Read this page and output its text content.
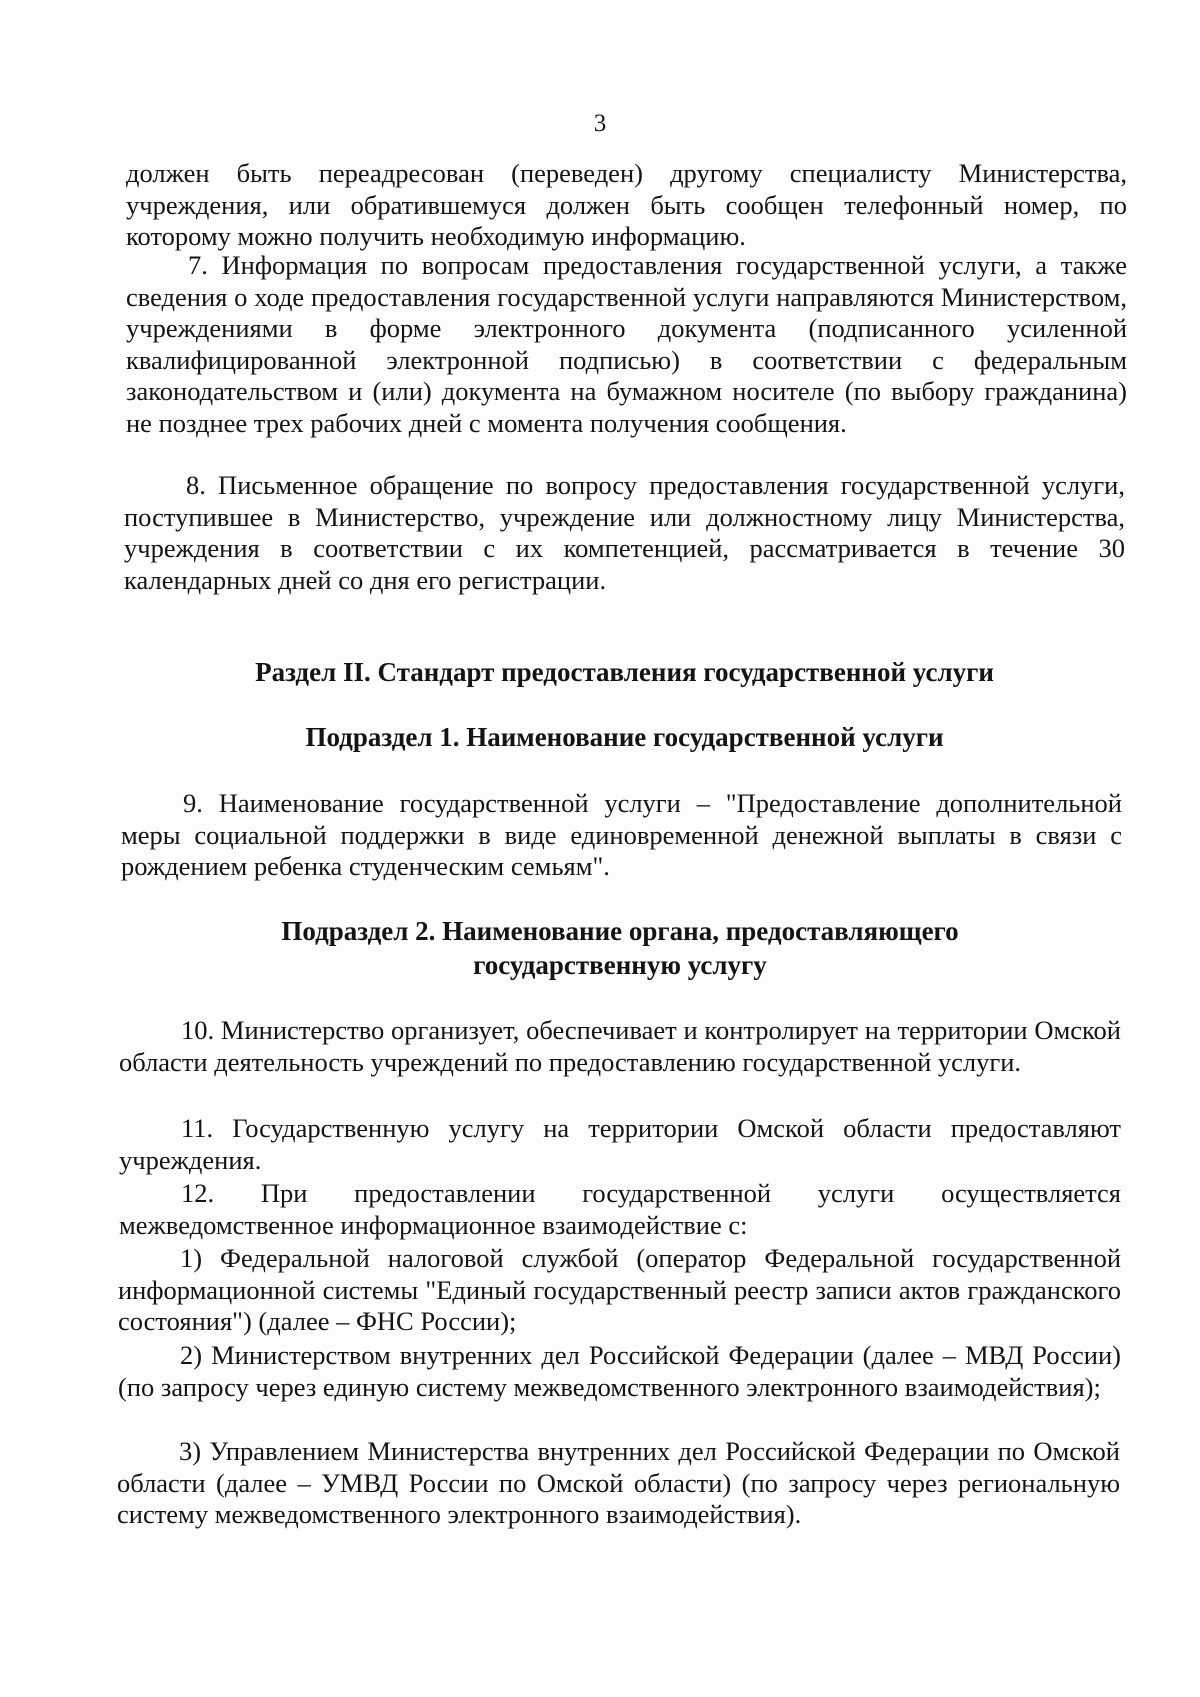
3

должен быть переадресован (переведен) другому специалисту Министерства, учреждения, или обратившемуся должен быть сообщен телефонный номер, по которому можно получить необходимую информацию.

7. Информация по вопросам предоставления государственной услуги, а также сведения о ходе предоставления государственной услуги направляются Министерством, учреждениями в форме электронного документа (подписанного усиленной квалифицированной электронной подписью) в соответствии с федеральным законодательством и (или) документа на бумажном носителе (по выбору гражданина) не позднее трех рабочих дней с момента получения сообщения.

8. Письменное обращение по вопросу предоставления государственной услуги, поступившее в Министерство, учреждение или должностному лицу Министерства, учреждения в соответствии с их компетенцией, рассматривается в течение 30 календарных дней со дня его регистрации.

Раздел II. Стандарт предоставления государственной услуги
Подраздел 1. Наименование государственной услуги

9. Наименование государственной услуги – "Предоставление дополнительной меры социальной поддержки в виде единовременной денежной выплаты в связи с рождением ребенка студенческим семьям".

Подраздел 2. Наименование органа, предоставляющего
государственную услугу

10. Министерство организует, обеспечивает и контролирует на территории Омской области деятельность учреждений по предоставлению государственной услуги.

11. Государственную услугу на территории Омской области предоставляют учреждения.

12. При предоставлении государственной услуги осуществляется межведомственное информационное взаимодействие с:

1) Федеральной налоговой службой (оператор Федеральной государственной информационной системы "Единый государственный реестр записи актов гражданского состояния") (далее – ФНС России);

2) Министерством внутренних дел Российской Федерации (далее – МВД России) (по запросу через единую систему межведомственного электронного взаимодействия);

3) Управлением Министерства внутренних дел Российской Федерации по Омской области (далее – УМВД России по Омской области) (по запросу через региональную систему межведомственного электронного взаимодействия).
